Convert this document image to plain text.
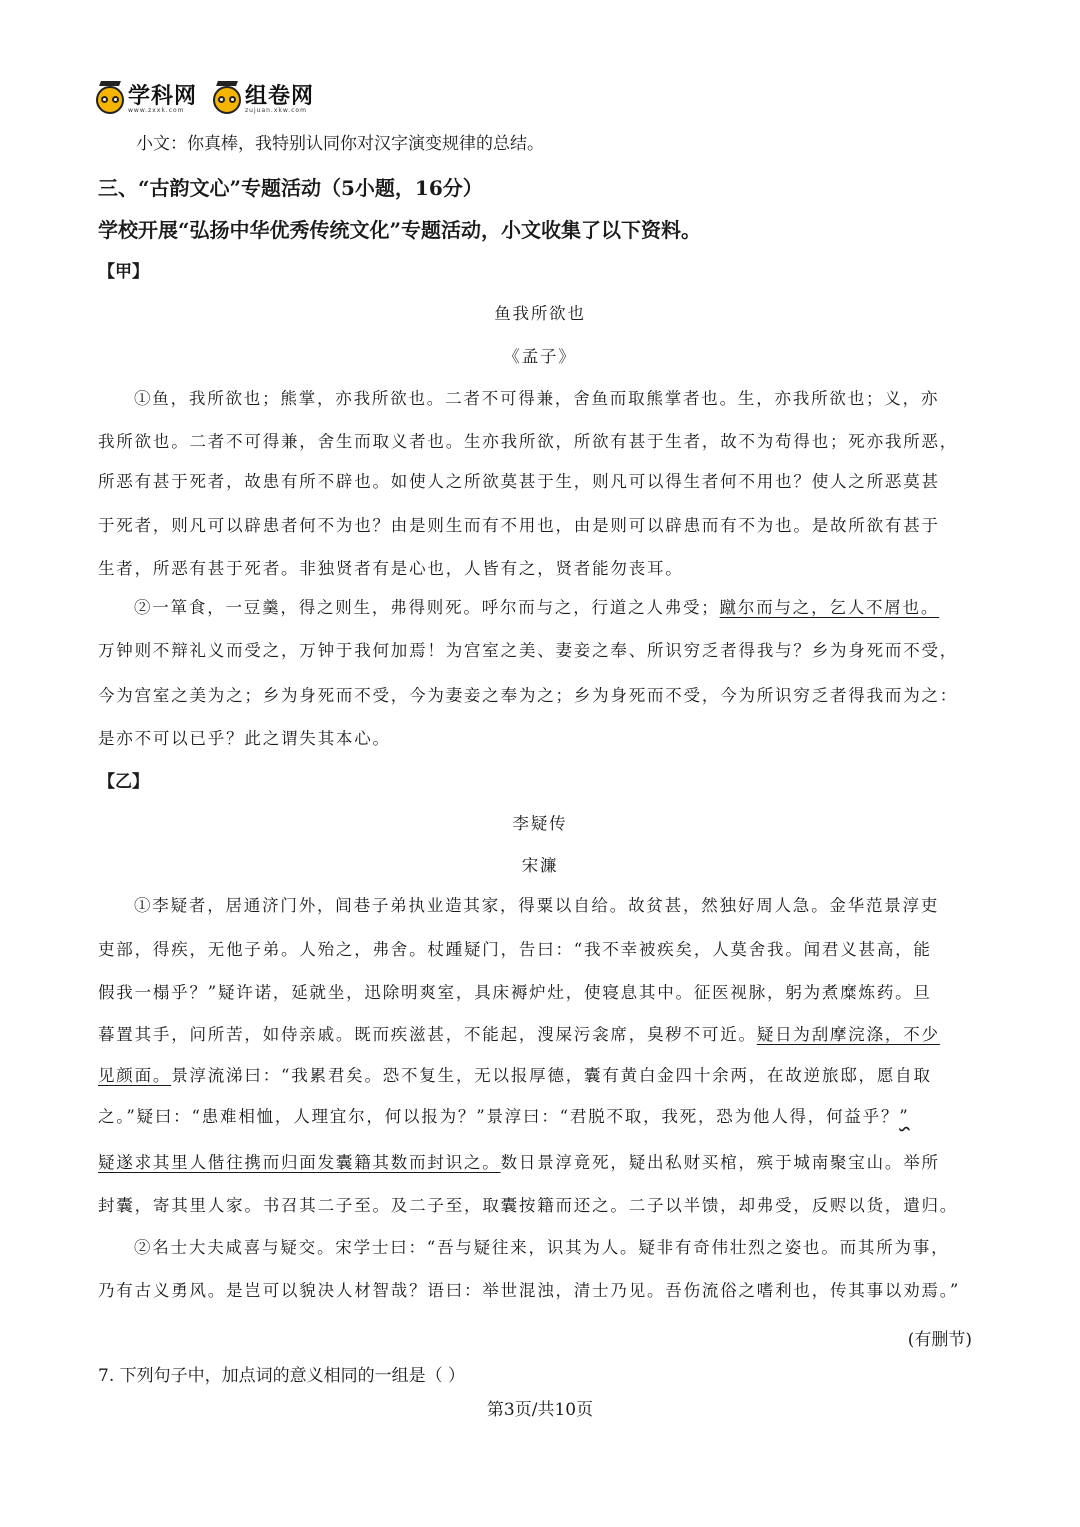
学科网
www.zxxk.com
组卷网
zujuan.xkw.com
小文：你真棒，我特别认同你对汉字演变规律的总结。
三、“古韵文心”专题活动（5小题，16分）
学校开展“弘扬中华优秀传统文化”专题活动，小文收集了以下资料。
【甲】
鱼我所欲也
《孟子》
①鱼，我所欲也；熊掌，亦我所欲也。二者不可得兼，舍鱼而取熊掌者也。生，亦我所欲也；义，亦
我所欲也。二者不可得兼，舍生而取义者也。生亦我所欲，所欲有甚于生者，故不为苟得也；死亦我所恶，
所恶有甚于死者，故患有所不辟也。如使人之所欲莫甚于生，则凡可以得生者何不用也？使人之所恶莫甚
于死者，则凡可以辟患者何不为也？由是则生而有不用也，由是则可以辟患而有不为也。是故所欲有甚于
生者，所恶有甚于死者。非独贤者有是心也，人皆有之，贤者能勿丧耳。
②一箪食，一豆羹，得之则生，弗得则死。呼尔而与之，行道之人弗受；蹴尔而与之，乞人不屑也。
万钟则不辩礼义而受之，万钟于我何加焉！为宫室之美、妻妾之奉、所识穷乏者得我与？乡为身死而不受，
今为宫室之美为之；乡为身死而不受，今为妻妾之奉为之；乡为身死而不受，今为所识穷乏者得我而为之：
是亦不可以已乎？此之谓失其本心。
【乙】
李疑传
宋濂
①李疑者，居通济门外，闾巷子弟执业造其家，得粟以自给。故贫甚，然独好周人急。金华范景淳吏
吏部，得疾，无他子弟。人殆之，弗舍。杖踵疑门，告曰：“我不幸被疾矣，人莫舍我。闻君义甚高，能
假我一榻乎？”疑许诺，延就坐，迅除明爽室，具床褥炉灶，使寝息其中。征医视脉，躬为煮糜炼药。旦
暮置其手，问所苦，如侍亲戚。既而疾滋甚，不能起，溲屎污衾席，臭秽不可近。疑日为刮摩浣涤，不少
见颜面。景淳流涕曰：“我累君矣。恐不复生，无以报厚德，囊有黄白金四十余两，在故逆旅邸，愿自取
之。”疑曰：“患难相恤，人理宜尔，何以报为？”景淳曰：“君脱不取，我死，恐为他人得，何益乎？”
疑遂求其里人偕往携而归面发囊籍其数而封识之。数日景淳竟死，疑出私财买棺，殡于城南聚宝山。举所
封囊，寄其里人家。书召其二子至。及二子至，取囊按籍而还之。二子以半馈，却弗受，反赆以货，遣归。
②名士大夫咸喜与疑交。宋学士曰：“吾与疑往来，识其为人。疑非有奇伟壮烈之姿也。而其所为事，
乃有古义勇风。是岂可以貌决人材智哉？语曰：举世混浊，清士乃见。吾伤流俗之嗜利也，传其事以劝焉。”
(有删节)
7. 下列句子中，加点词的意义相同的一组是（ ）
第3页/共10页
